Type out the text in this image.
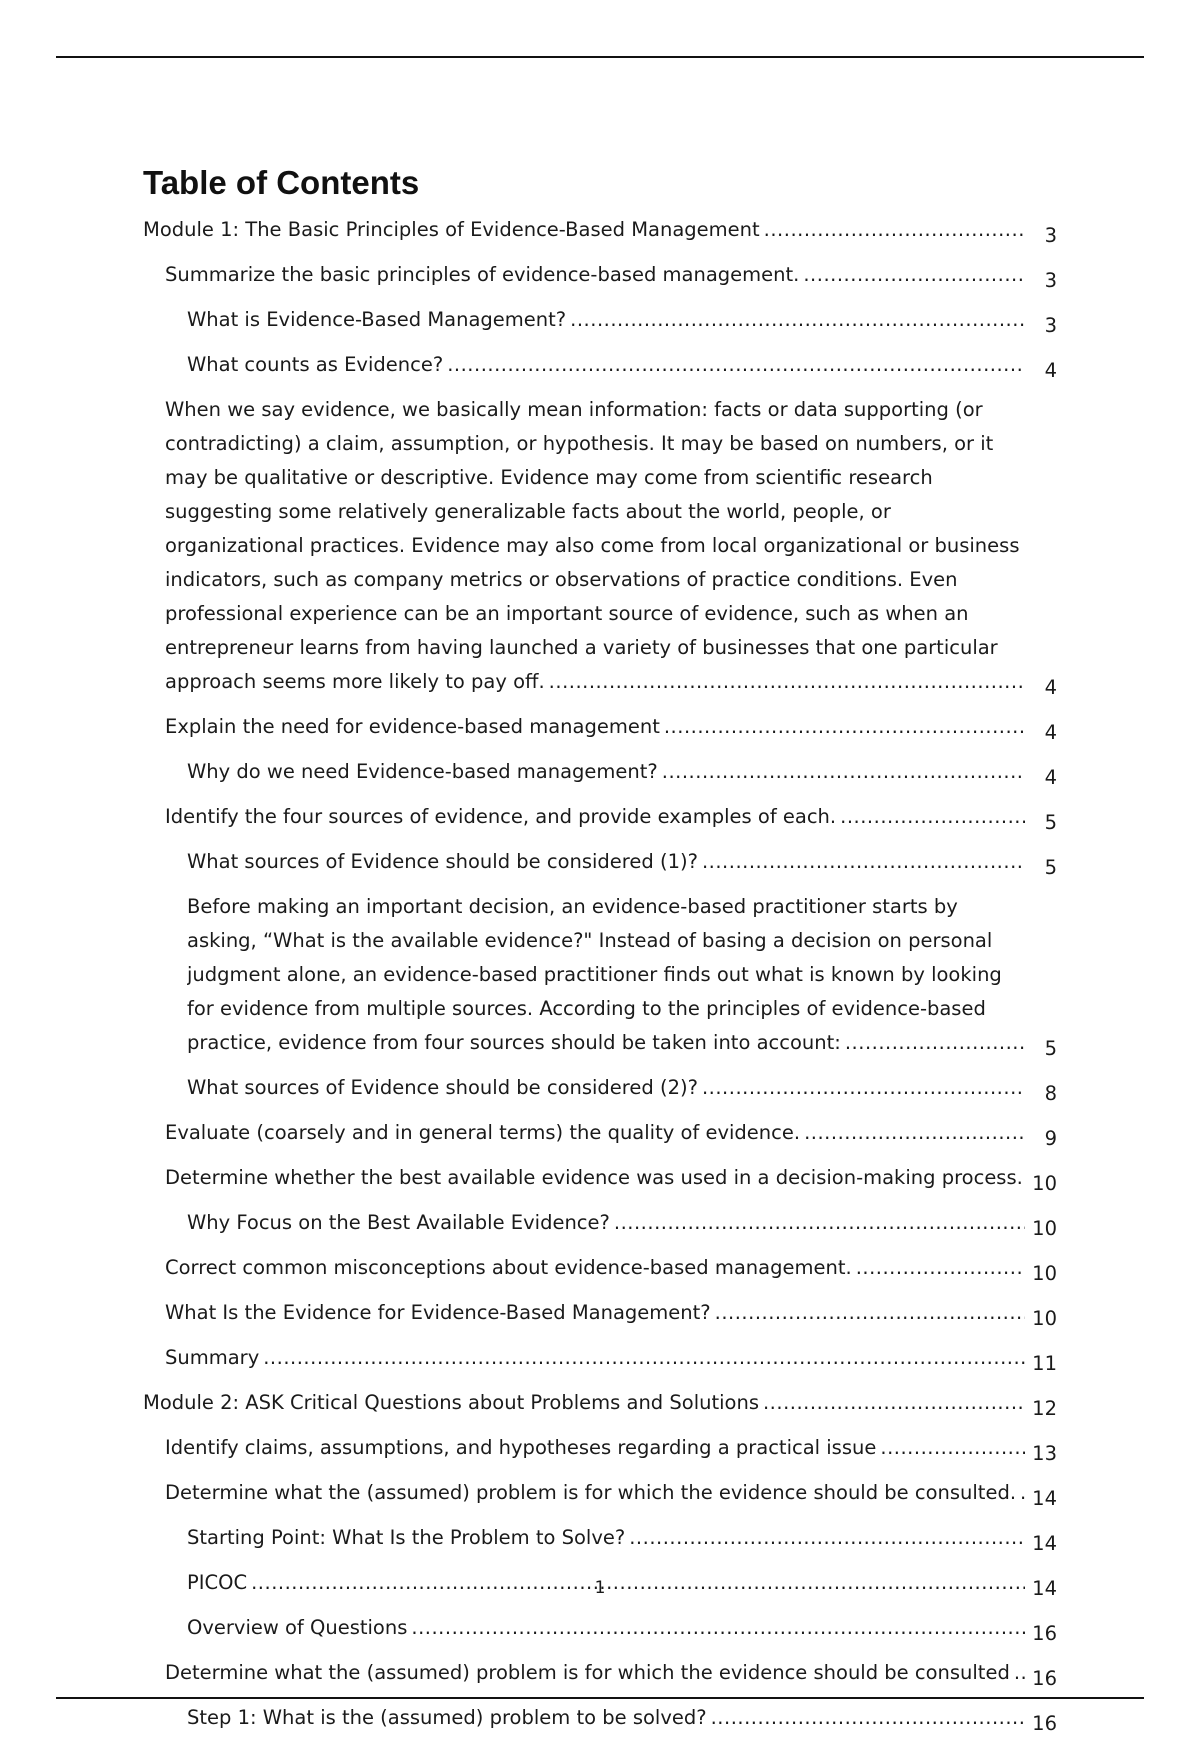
Table of Contents
Module 1: The Basic Principles of Evidence-Based Management	3
Summarize the basic principles of evidence-based management.	3
What is Evidence-Based Management?	3
What counts as Evidence?	4
When we say evidence, we basically mean information: facts or data supporting (or contradicting) a claim, assumption, or hypothesis. It may be based on numbers, or it may be qualitative or descriptive. Evidence may come from scientific research suggesting some relatively generalizable facts about the world, people, or organizational practices. Evidence may also come from local organizational or business indicators, such as company metrics or observations of practice conditions. Even professional experience can be an important source of evidence, such as when an entrepreneur learns from having launched a variety of businesses that one particular approach seems more likely to pay off.	4
Explain the need for evidence-based management	4
Why do we need Evidence-based management?	4
Identify the four sources of evidence, and provide examples of each.	5
What sources of Evidence should be considered (1)?	5
Before making an important decision, an evidence-based practitioner starts by asking, “What is the available evidence?" Instead of basing a decision on personal judgment alone, an evidence-based practitioner finds out what is known by looking for evidence from multiple sources. According to the principles of evidence-based practice, evidence from four sources should be taken into account:	5
What sources of Evidence should be considered (2)?	8
Evaluate (coarsely and in general terms) the quality of evidence.	9
Determine whether the best available evidence was used in a decision-making process. 10
Why Focus on the Best Available Evidence?	10
Correct common misconceptions about evidence-based management.	10
What Is the Evidence for Evidence-Based Management?	10
Summary	11
Module 2: ASK Critical Questions about Problems and Solutions	12
Identify claims, assumptions, and hypotheses regarding a practical issue	13
Determine what the (assumed) problem is for which the evidence should be consulted. 14
Starting Point: What Is the Problem to Solve?	14
PICOC	14
Overview of Questions	16
Determine what the (assumed) problem is for which the evidence should be consulted	16
Step 1: What is the (assumed) problem to be solved?	16
1
